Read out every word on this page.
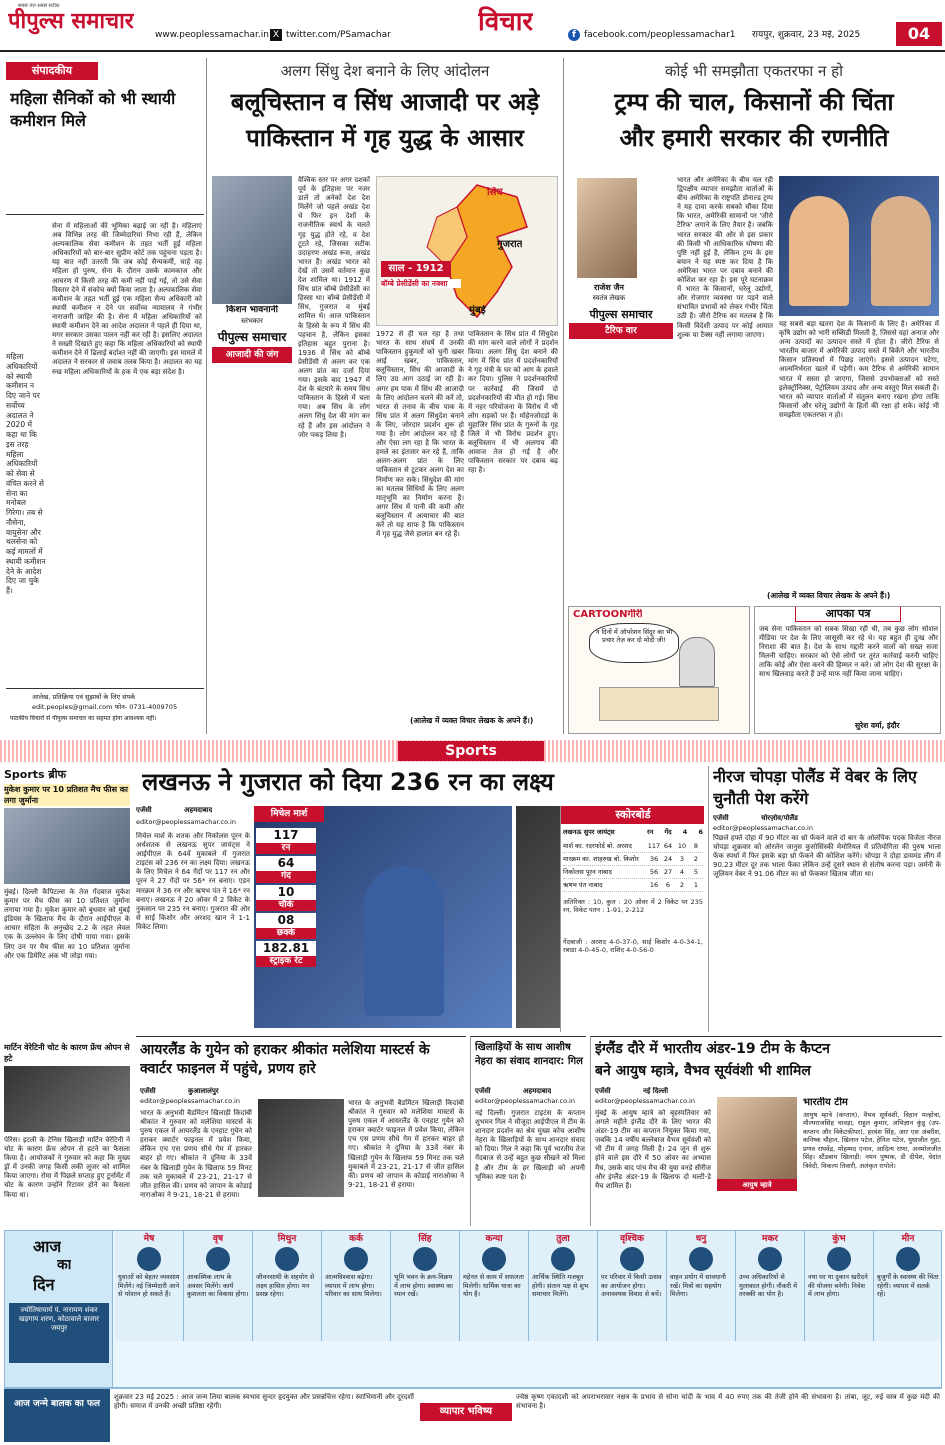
पीपुल्स समाचार
सबसे तेज़ सबसे सटीक
www.peoplessamachar.in X twitter.com/PSamachar	विचार	f facebook.com/peoplessamachar1 रायपुर, शुक्रवार, 23 मई, 2025	04
संपादकीय
महिला सैनिकों को भी स्थायी कमीशन मिले
महिला अधिकारियों को स्थायी कमीशन न दिए जाने पर सर्वोच्च अदालत ने 2020 में कहा था कि इस तरह महिला अधिकारियों को सेवा से वंचित करने से सेना का मनोबल गिरेगा। तब से नौसेना, वायुसेना और थलसेना को कई मामलों में स्थायी कमीशन देने के आदेश दिए जा चुके हैं।
सेना में महिलाओं की भूमिका बढ़ाई जा रही है। महिलाएं अब विभिन्न तरह की जिम्मेदारियां निभा रही हैं, लेकिन अल्पकालिक सेवा कमीशन के तहत भर्ती हुई महिला अधिकारियों को बार-बार सुप्रीम कोर्ट तक पहुंचना पड़ता है। यह बात नहीं उतरती कि जब कोई सैन्यकर्मी, चाहे वह महिला हो पुरुष, सेना के दौरान उसके कामकाज और आचरण में किसी तरह की कमी नहीं पाई गई, तो उसे सेवा विस्तार देने में संकोच क्यों किया जाता है। अल्पकालिक सेवा कमीशन के तहत भर्ती हुई एक महिला सैन्य अधिकारी को स्थायी कमीशन न देने पर सर्वोच्च न्यायालय ने गंभीर नाराजगी जाहिर की है। सेना में महिला अधिकारियों को स्थायी कमीशन देने का आदेश अदालत ने पहले ही दिया था, मगर सरकार उसका पालन नहीं कर रही है। इसलिए अदालत ने सख्ती दिखाते हुए कहा कि महिला अधिकारियों को स्थायी कमीशन देने में ढिलाई बर्दाश्त नहीं की जाएगी। इस मामले में अदालत ने सरकार से जवाब तलब किया है। अदालत का यह रुख महिला अधिकारियों के हक में एक बड़ा संदेश है।
आलेख, प्रतिक्रिया एवं सुझावों के लिए संपर्क
edit.peoples@gmail.com फोन- 0731-4009705
पाठकीय विचारों से पीपुल्स समाचार का सहमत होना आवश्यक नहीं।
अलग सिंधु देश बनाने के लिए आंदोलन
बलूचिस्तान व सिंध आजादी पर अड़े
पाकिस्तान में गृह युद्ध के आसार
किशन भावनानी
स्तंभकार
पीपुल्स समाचार
आजादी की जंग
वैश्विक स्तर पर अगर दशकों पूर्व के इतिहास पर नजर डालें तो अनेकों देश देश मिलेंगे जो पहले अखंड देश थे फिर इन देशों के राजनीतिक स्वार्थ के चलते गृह युद्ध होते रहे, व देश टूटते रहे, जिसका सटीक उदाहरण अखंड रूस, अखंड भारत हैं। अखंड भारत को देखें तो उसमें वर्तमान कुछ देश शामिल था। 1912 में सिंध प्रांत बॉम्बे प्रेसीडेंसी का हिस्सा था। बॉम्बे प्रेसीडेंसी में सिंध, गुजरात व मुंबई शामिल थे। आज पाकिस्तान के हिस्से के रूप में सिंध की पहचान है, लेकिन इसका इतिहास बहुत पुराना है। 1936 में सिंध को बॉम्बे प्रेसीडेंसी से अलग कर एक अलग प्रांत का दर्जा दिया गया। इसके बाद 1947 में देश के बंटवारे के समय सिंध पाकिस्तान के हिस्से में चला गया। अब सिंध के लोग अलग सिंधु देश की मांग कर रहे हैं और इस आंदोलन ने जोर पकड़ लिया है।
सिंध
गुजरात
मुंबई
साल - 1912
बॉम्बे प्रेसीडेंसी का नक्शा
1972 से ही चल रहा है तथा भारत के साथ संघर्ष में उनकी पाकिस्तान हुकूमतों को चुनी खबर आई खबर, पाकिस्तान, बलूचिस्तान, सिंध की आजादी के लिए उग्र आग उठाई जा रही है। अगर हम पाक में सिंध की आजादी के लिए आंदोलन चलने की करें तो, भारत से तनाव के बीच पाक के सिंध प्रांत में अलग सिंधुदेश बनाने के लिए, जोरदार प्रदर्शन शुरू हो गया है। लोग आंदोलन कर रहे हैं और ऐसा लग रहा है कि भारत के हमले का इंतजार कर रहे हैं, ताकि अलग-अलग प्रांत के लिए पाकिस्तान से टूटकर अलग देश का निर्माण कर सके। सिंधुदेश की मांग का मतलब सिंधियों के लिए अलग मातृभूमि का निर्माण करना है। अगर सिंध में पानी की कमी और बलूचिस्तान में अत्याचार की बात करें तो यह साफ है कि पाकिस्तान में गृह युद्ध जैसे हालात बन रहे हैं।
पाकिस्तान के सिंध प्रांत में सिंधुदेश की मांग करने वाले लोगों ने प्रदर्शन किया। अलग सिंधु देश बनाने की मांग में सिंध प्रांत में प्रदर्शनकारियों ने गृह मंत्री के घर को आग के हवाले कर दिया। पुलिस ने प्रदर्शनकारियों पर कार्रवाई की जिसमें दो प्रदर्शनकारियों की मौत हो गई। सिंध में नहर परियोजना के विरोध में भी लोग सड़कों पर हैं। मोहेनजोदड़ो के मुहाजिर सिंध प्रांत के गुरुनों के गृह जिले में भी विरोध प्रदर्शन हुए। बलूचिस्तान में भी अलगाव की आवाज तेज हो गई है और पाकिस्तान सरकार पर दबाव बढ़ रहा है।
(आलेख में व्यक्त विचार लेखक के अपने हैं।)
कोई भी समझौता एकतरफा न हो
ट्रम्प की चाल, किसानों की चिंता
और हमारी सरकार की रणनीति
राजेश जैन
स्वतंत्र लेखक
पीपुल्स समाचार
टैरिफ वार
भारत और अमेरिका के बीच चल रही द्विपक्षीय व्यापार समझौता वार्ताओं के बीच अमेरिका के राष्ट्रपति डोनाल्ड ट्रम्प ने यह दावा करके सबको चौंका दिया कि भारत, अमेरिकी सामानों पर 'जीरो टैरिफ' लगाने के लिए तैयार है। जबकि भारत सरकार की ओर से इस प्रकार की किसी भी आधिकारिक घोषणा की पुष्टि नहीं हुई है, लेकिन ट्रम्प के इस बयान ने यह स्पष्ट कर दिया है कि अमेरिका भारत पर दबाव बनाने की कोशिश कर रहा है। इस पूरे घटनाक्रम में भारत के किसानों, घरेलू उद्योगों, और रोजगार व्यवस्था पर पड़ने वाले संभावित प्रभावों को लेकर गंभीर चिंता उठी है। जीरो टैरिफ का मतलब है कि किसी विदेशी उत्पाद पर कोई आयात शुल्क या टैक्स नहीं लगाया जाएगा।
यह सबसे बड़ा खतरा देश के किसानों के लिए है। अमेरिका में कृषि उद्योग को भारी सब्सिडी मिलती है, जिससे वहां अनाज और अन्य उत्पादों का उत्पादन सस्ते में होता है। जीरो टैरिफ से भारतीय बाजार में अमेरिकी उत्पाद सस्ते में बिकेंगे और भारतीय किसान प्रतिस्पर्धा में पिछड़ जाएंगे। इससे उत्पादन घटेगा, आत्मनिर्भरता खतरे में पड़ेगी। कम टैरिफ से अमेरिकी सामान भारत में सस्ता हो जाएगा, जिससे उपभोक्ताओं को सस्ते इलेक्ट्रॉनिक्स, पेट्रोलियम उत्पाद और अन्य वस्तुएं मिल सकती हैं। भारत को व्यापार वार्ताओं में संतुलन बनाए रखना होगा ताकि किसानों और घरेलू उद्योगों के हितों की रक्षा हो सके। कोई भी समझौता एकतरफा न हो।
(आलेख में व्यक्त विचार लेखक के अपने हैं।)
CARTOONगीरी
न दिनों में ऑपरेशन सिंदूर का भी प्रचार तेज़ कर दो मोदी जी!
आपका पत्र
जब सेना पाकिस्तान को सबक सिखा रही थी, तब कुछ लोग सोशल मीडिया पर देश के लिए जासूसी कर रहे थे। यह बहुत ही दुःख और निराशा की बात है। देश के साथ गद्दारी करने वालों को सख्त सजा मिलनी चाहिए। सरकार को ऐसे लोगों पर तुरंत कार्रवाई करनी चाहिए ताकि कोई और ऐसा करने की हिम्मत न करे। जो लोग देश की सुरक्षा के साथ खिलवाड़ करते हैं उन्हें माफ नहीं किया जाना चाहिए।
सुरेश वर्मा, इंदौर
Sports
Sports ब्रीफ
मुकेश कुमार पर 10 प्रतिशत मैच फीस का लगा जुर्माना
मुंबई। दिल्ली कैपिटल्स के तेज गेंदबाज मुकेश कुमार पर मैच फीस का 10 प्रतिशत जुर्माना लगाया गया है। मुकेश कुमार को बुधवार को मुंबई इंडियंस के खिलाफ मैच के दौरान आईपीएल के आचार संहिता के अनुच्छेद 2.2 के तहत लेवल एक के उल्लंघन के लिए दोषी पाया गया। इसके लिए उन पर मैच फीस का 10 प्रतिशत जुर्माना और एक डिमेरिट अंक भी जोड़ा गया।
मार्टिन वेरेटिनी चोट के कारण फ्रेंच ओपन से हटे
पेरिस। इटली के टेनिस खिलाड़ी मार्टिन वेरेटिनी ने चोट के कारण फ्रेंच ओपन से हटने का फैसला किया है। आयोजकों ने गुरुवार को कहा कि मुख्य ड्रॉ में उनकी जगह किसी लकी लूजर को शामिल किया जाएगा। रोमा में पिछले सप्ताह हुए टूर्नामेंट में चोट के कारण उन्होंने रिटायर होने का फैसला किया था।
लखनऊ ने गुजरात को दिया 236 रन का लक्ष्य
एजेंसी	अहमदाबाद
editor@peoplessamachar.co.in
मिचेल मार्श के शतक और निकोलस पूरन के अर्धशतक से लखनऊ सुपर जायंट्स ने आईपीएल के 64वें मुकाबले में गुजरात टाइटंस को 236 रन का लक्ष्य दिया। लखनऊ के लिए मिचेल ने 64 गेंदों पर 117 रन और पूरन ने 27 गेंदों पर 56* रन बनाए। एडन मारक्रम ने 36 रन और ऋषभ पंत ने 16* रन बनाए। लखनऊ ने 20 ओवर में 2 विकेट के नुकसान पर 235 रन बनाए। गुजरात की ओर से साई किशोर और अरशद खान ने 1-1 विकेट लिया।
मिचेल मार्श
117
रन
64
गेंद
10
चौके
08
छक्के
182.81
स्ट्राइक रेट
स्कोरबोर्ड
लखनऊ सुपर जायंट्स	रन गेंद 4 6
मार्श का. रदरफोर्ड बो. अरशद	117 64 10	8
मारक्रम का. शाहरुख बो. किशोर	36 24	3	2
निकोलस पूरन नाबाद	56 27	4	5
ऋषभ पंत नाबाद	16	6	2	1
अतिरिक्त : 10, कुल : 20 ओवर में 2 विकेट पर 235 रन, विकेट पतन : 1-91, 2-212
गेंदबाजी : अरशद 4-0-37-0, साई किशोर 4-0-34-1, रबाडा 4-0-45-0, राशिद 4-0-56-0
नीरज चोपड़ा पोलैंड में वेबर के लिए चुनौती पेश करेंगे
एजेंसी	चोरज़ोव/पोलैंड
editor@peoplessamachar.co.in
पिछले हफ्ते दोहा में 90 मीटर का थ्रो फेंकने वाले दो बार के ओलंपिक पदक विजेता नीरज चोपड़ा शुक्रवार को ओरलेन जानुस कुसोसिंस्की मेमोरियल में प्रतियोगिता की पुरुष भाला फेंक स्पर्धा में फिर इसके बड़ा थ्रो फेंकने की कोशिश करेंगे। चोपड़ा ने दोहा डायमंड लीग में 90.23 मीटर दूर तक भाला फेंका लेकिन उन्हें दूसरे स्थान से संतोष करना पड़ा। जर्मनी के जूलियन वेबर ने 91.06 मीटर का थ्रो फेंककर खिताब जीता था।
आयरलैंड के गुयेन को हराकर श्रीकांत मलेशिया मास्टर्स के क्वार्टर फाइनल में पहुंचे, प्रणय हारे
एजेंसी	कुआलालंपुर
editor@peoplessamachar.co.in
भारत के अनुभवी बैडमिंटन खिलाड़ी किदांबी श्रीकांत ने गुरुवार को मलेशिया मास्टर्स के पुरुष एकल में आयरलैंड के एनहाट गुयेन को हराकर क्वार्टर फाइनल में प्रवेश किया, लेकिन एच एस प्रणय सीधे गेम में हारकर बाहर हो गए। श्रीकांत ने दुनिया के 33वें नंबर के खिलाड़ी गुयेन के खिलाफ 59 मिनट तक चले मुकाबले में 23-21, 21-17 से जीत हासिल की। प्रणय को जापान के कोडाई नाराओका ने 9-21, 18-21 से हराया।
भारत के अनुभवी बैडमिंटन खिलाड़ी किदांबी श्रीकांत ने गुरुवार को मलेशिया मास्टर्स के पुरुष एकल में आयरलैंड के एनहाट गुयेन को हराकर क्वार्टर फाइनल में प्रवेश किया, लेकिन एच एस प्रणय सीधे गेम में हारकर बाहर हो गए। श्रीकांत ने दुनिया के 33वें नंबर के खिलाड़ी गुयेन के खिलाफ 59 मिनट तक चले मुकाबले में 23-21, 21-17 से जीत हासिल की। प्रणय को जापान के कोडाई नाराओका ने 9-21, 18-21 से हराया।
खिलाड़ियों के साथ आशीष नेहरा का संवाद शानदार: गिल
एजेंसी	अहमदाबाद
editor@peoplessamachar.co.in
नई दिल्ली। गुजरात टाइटंस के कप्तान शुभमन गिल ने मौजूदा आईपीएल में टीम के शानदार प्रदर्शन का श्रेय मुख्य कोच आशीष नेहरा के खिलाड़ियों के साथ शानदार संवाद को दिया। गिल ने कहा कि पूर्व भारतीय तेज गेंदबाज से उन्हें बहुत कुछ सीखने को मिला है और टीम के हर खिलाड़ी को अपनी भूमिका स्पष्ट पता है।
इंग्लैंड दौरे में भारतीय अंडर-19 टीम के कैप्टन
बने आयुष म्हात्रे, वैभव सूर्यवंशी भी शामिल
एजेंसी	नई दिल्ली
editor@peoplessamachar.co.in
मुंबई के आयुष म्हात्रे को बृहस्पतिवार को अगले महीने इंग्लैंड दौरे के लिए भारत की अंडर-19 टीम का कप्तान नियुक्त किया गया, जबकि 14 वर्षीय बल्लेबाज वैभव सूर्यवंशी को भी टीम में जगह मिली है। 24 जून से शुरू होने वाले इस दौरे में 50 ओवर का अभ्यास मैच, उसके बाद पांच मैच की युवा वनडे सीरीज और इंग्लैंड अंडर-19 के खिलाफ दो मल्टी-डे मैच शामिल हैं।	आयुष म्हात्रे
भारतीय टीम
आयुष म्हात्रे (कप्तान), वैभव सूर्यवंशी, विहान मल्होत्रा, मौल्यराजसिंह चावड़ा, राहुल कुमार, अभिज्ञान कुंडू (उप-कप्तान और विकेटकीपर), हरवंश सिंह, आर एस अंबरीश, कनिष्क चौहान, खिलान पटेल, हेनिल पटेल, युधाजीत गुहा, प्रणव राघवेंद्र, मोहम्मद एनान, आदित्य राणा, अनमोलजीत सिंह। स्टैंडबाय खिलाड़ी: नमन पुष्पक, डी दीपेश, वेदांत त्रिवेदी, विकल्प तिवारी, अलंकृत रापोले।
आज
का
दिन
ज्योतिषाचार्य पं. नारायण शंकर खड़गाय शरण, कोठावाले बाजार जयपुर
मेष
युवाओं को बेहतर व्यवसाय मिलेंगे। नई जिम्मेदारी आने से परेशान हो सकते हैं।
वृष
आकस्मिक लाभ के अवसर मिलेंगे। कार्य कुशलता का विकास होगा।
मिथुन
जीवनसाथी के सहयोग से लक्ष्य हासिल होगा। मन प्रसन्न रहेगा।
कर्क
आत्मविश्वास बढ़ेगा। व्यापार में लाभ होगा। परिवार का साथ मिलेगा।
सिंह
भूमि भवन के क्रय-विक्रय में लाभ होगा। स्वास्थ्य का ध्यान रखें।
कन्या
महेनत से काम में सफलता मिलेगी। धार्मिक यात्रा का योग है।
तुला
आर्थिक स्थिति मजबूत होगी। संतान पक्ष से शुभ समाचार मिलेंगे।
वृश्चिक
पर परिवार में किसी उत्सव का आयोजन होगा। अनावश्यक विवाद से बचें।
धनु
वाहन प्रयोग में सावधानी रखें। मित्रों का सहयोग मिलेगा।
मकर
उच्च अधिकारियों से मुलाकात होगी। नौकरी में तरक्की का योग है।
कुंभ
नया घर या दुकान खरीदने की योजना बनेगी। निवेश में लाभ होगा।
मीन
बुजुर्गों के स्वास्थ्य की चिंता रहेगी। व्यापार में सतर्क रहें।
आज जन्मे बालक का फल
शुक्रवार 23 मई 2025 : आज जन्म लिया बालक स्वभाव सुन्दर हृदयुक्त और प्रसन्नचित्त रहेगा। स्वाभिमानी और दूरदर्शी होगी। समाज में उनकी अच्छी प्रतिष्ठा रहेगी।	व्यापार भविष्य
ज्येष्ठ कृष्ण एकादशी को अपराभरावार नक्षत्र के प्रभाव से सोना चांदी के भाव में 40 रुपए तक की तेजी होने की संभावना है। तांबा, जूट, रुई वस्त्र में कुछ मंदी की संभावना है।
